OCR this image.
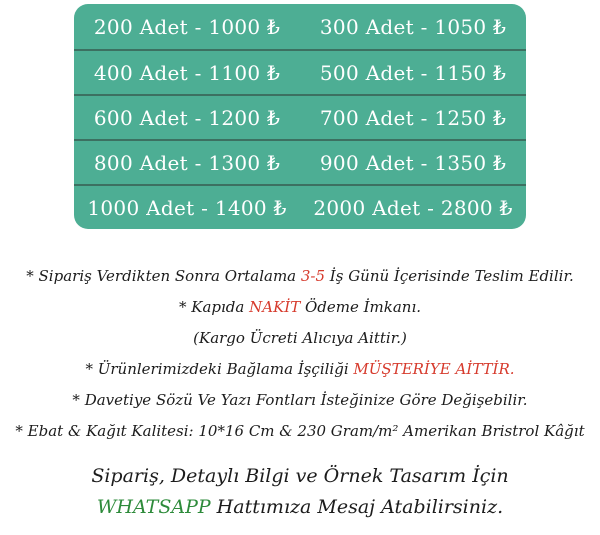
200 Adet - 1000 ₺	300 Adet - 1050 ₺
400 Adet - 1100 ₺	500 Adet - 1150 ₺
600 Adet - 1200 ₺	700 Adet - 1250 ₺
800 Adet - 1300 ₺	900 Adet - 1350 ₺
1000 Adet - 1400 ₺	2000 Adet - 2800 ₺

* Sipariş Verdikten Sonra Ortalama 3-5 İş Günü İçerisinde Teslim Edilir.

* Kapıda NAKİT Ödeme İmkanı.

(Kargo Ücreti Alıcıya Aittir.)

* Ürünlerimizdeki Bağlama İşçiliği MÜŞTERİYE AİTTİR.

* Davetiye Sözü Ve Yazı Fontları İsteğinize Göre Değişebilir.

* Ebat & Kağıt Kalitesi: 10*16 Cm & 230 Gram/m² Amerikan Bristrol Kâğıt

Sipariş, Detaylı Bilgi ve Örnek Tasarım İçin

WHATSAPP Hattımıza Mesaj Atabilirsiniz.
